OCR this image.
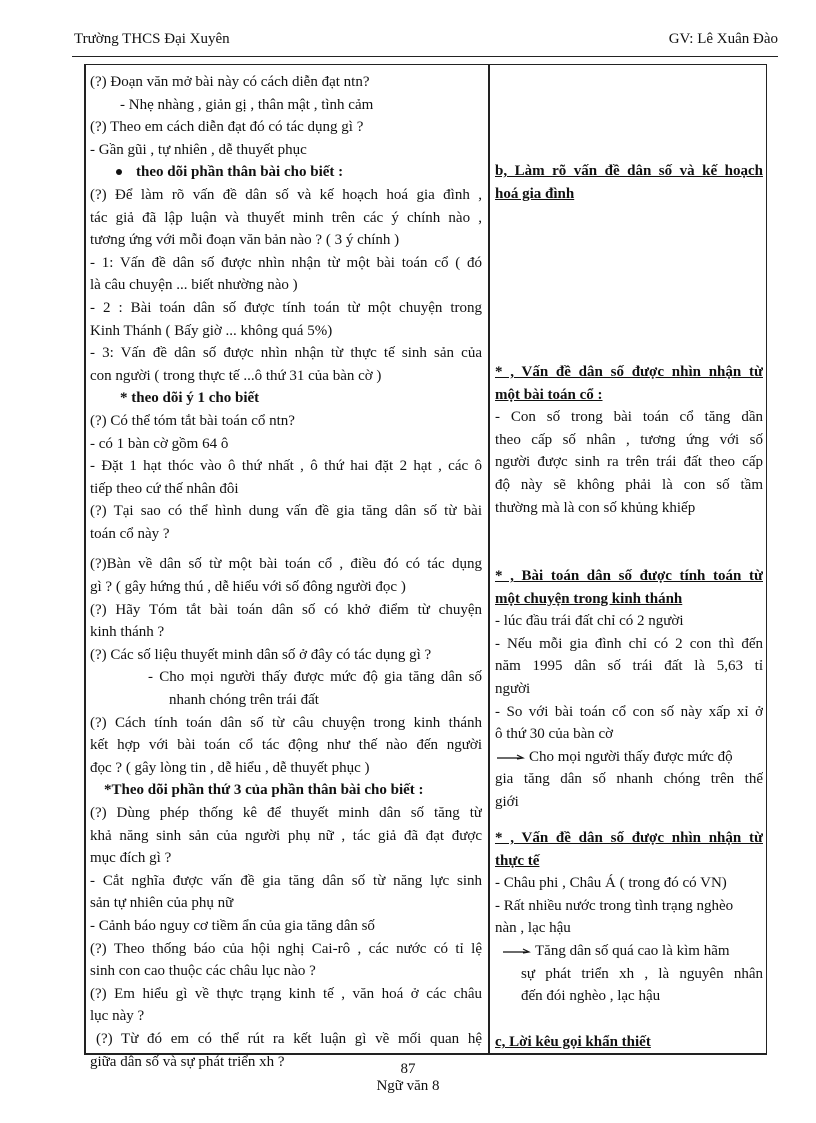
Trường THCS Đại Xuyên	GV: Lê Xuân Đào
(?) Đoạn văn mở bài này có cách diễn đạt ntn?
- Nhẹ nhàng , giản gị , thân mật , tình cảm
(?) Theo em cách diễn đạt đó có tác dụng gì ?
- Gần gũi , tự nhiên , dễ thuyết phục
theo dõi phần thân bài cho biết :
(?) Để làm rõ vấn đề dân số và kế hoạch hoá gia đình ,
tác giả đã lập luận và thuyết minh trên các ý chính nào ,
tương ứng với mỗi đoạn văn bản nào ? ( 3 ý chính )
- 1: Vấn đề dân số được nhìn nhận từ một bài toán cổ ( đó
là câu chuyện ... biết nhường nào )
- 2 : Bài toán dân số được tính toán từ một chuyện trong
Kinh Thánh ( Bấy giờ ... không quá 5%)
- 3: Vấn đề dân số được nhìn nhận từ thực tế sinh sản của
con người ( trong thực tế ...ô thứ 31 của bàn cờ )
* theo dõi ý 1 cho biết
(?) Có thể tóm tắt bài toán cổ ntn?
- có 1 bàn cờ gồm 64 ô
- Đặt 1 hạt thóc vào ô thứ nhất , ô thứ hai đặt 2 hạt , các ô
tiếp theo cứ thế nhân đôi
(?) Tại sao có thể hình dung vấn đề gia tăng dân số từ bài
toán cổ này ?
(?)Bàn về dân số từ một bài toán cổ , điều đó có tác dụng
gì ? ( gây hứng thú , dễ hiểu với số đông người đọc )
(?) Hãy Tóm tắt bài toán dân số có khở điểm từ chuyện
kinh thánh ?
(?) Các số liệu thuyết minh dân số ở đây có tác dụng gì ?
- Cho mọi người thấy được mức độ gia tăng dân số
nhanh chóng trên trái đất
(?) Cách tính toán dân số từ câu chuyện trong kinh thánh
kết hợp với bài toán cổ tác động như thế nào đến người
đọc ? ( gây lòng tin , dễ hiểu , dễ thuyết phục )
*Theo dõi phần thứ 3 của phần thân bài cho biết :
(?) Dùng phép thống kê để thuyết minh dân số tăng từ
khả năng sinh sản của người phụ nữ , tác giả đã đạt được
mục đích gì ?
- Cắt nghĩa được vấn đề gia tăng dân số từ năng lực sinh
sản tự nhiên của phụ nữ
- Cảnh báo nguy cơ tiềm ẩn của gia tăng dân số
(?) Theo thống báo của hội nghị Cai-rô , các nước có tỉ lệ
sinh con cao thuộc các châu lục nào ?
(?) Em hiểu gì về thực trạng kinh tế , văn hoá ở các châu
lục này ?
(?) Từ đó em có thể rút ra kết luận gì về mối quan hệ
giữa dân số và sự phát triển xh ?
b, Làm rõ vấn đề dân số và kế hoạch
hoá gia đình
* , Vấn đề dân số được nhìn nhận từ
một bài toán cổ :
- Con số trong bài toán cổ tăng dần
theo cấp số nhân , tương ứng với số
người được sinh ra trên trái đất theo cấp
độ này sẽ không phải là con số tầm
thường mà là con số khủng khiếp
* , Bài toán dân số được tính toán từ
một chuyện trong kinh thánh
- lúc đầu trái đất chỉ có 2 người
- Nếu mỗi gia đình chỉ có 2 con thì đến
năm 1995 dân số trái đất là 5,63 tỉ
người
- So với bài toán cổ con số này xấp xỉ ở
ô thứ 30 của bàn cờ
Cho mọi người thấy được mức độ
gia tăng dân số nhanh chóng trên thế
giới
* , Vấn đề dân số được nhìn nhận từ
thực tế
- Châu phi , Châu Á ( trong đó có VN)
- Rất nhiều nước trong tình trạng nghèo
nàn , lạc hậu
Tăng dân số quá cao là kìm hãm
sự phát triển xh , là nguyên nhân
đến đói nghèo , lạc hậu
c, Lời kêu gọi khẩn thiết
87
Ngữ văn 8
